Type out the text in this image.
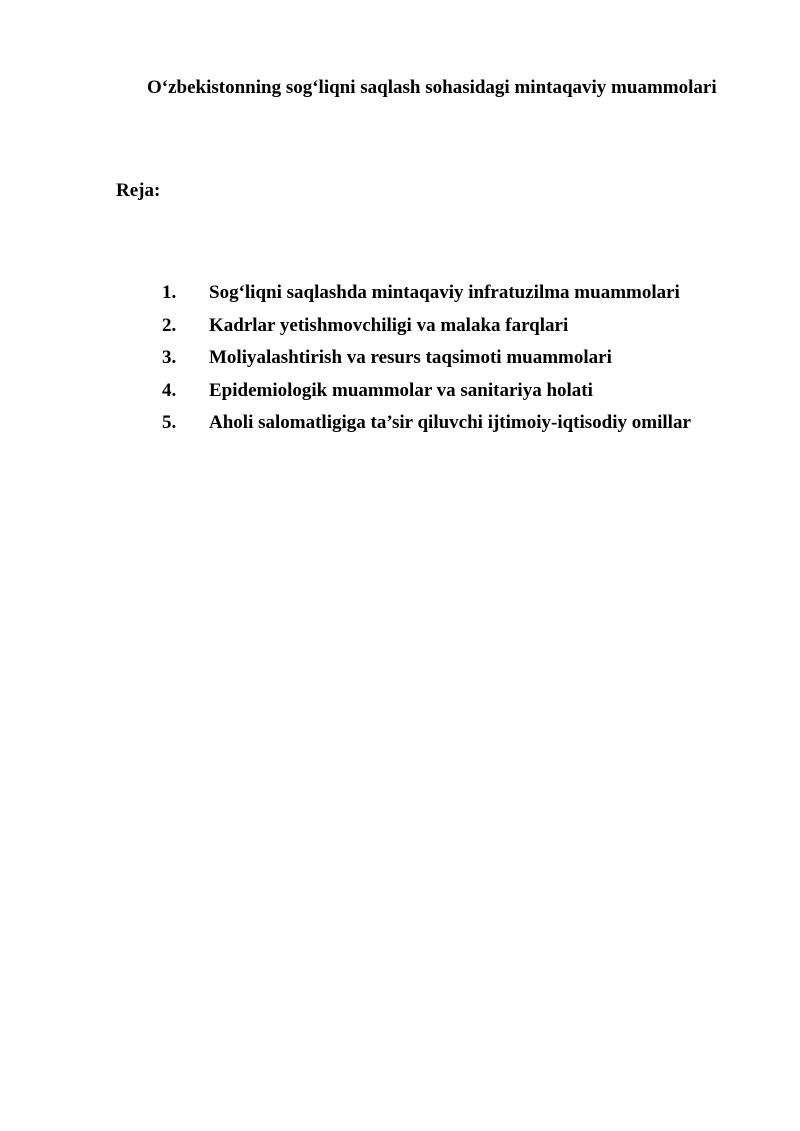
O‘zbekistonning sog‘liqni saqlash sohasidagi mintaqaviy muammolari
Reja:
1. Sog‘liqni saqlashda mintaqaviy infratuzilma muammolari
2. Kadrlar yetishmovchiligi va malaka farqlari
3. Moliyalashtirish va resurs taqsimoti muammolari
4. Epidemiologik muammolar va sanitariya holati
5. Aholi salomatligiga ta’sir qiluvchi ijtimoiy-iqtisodiy omillar
